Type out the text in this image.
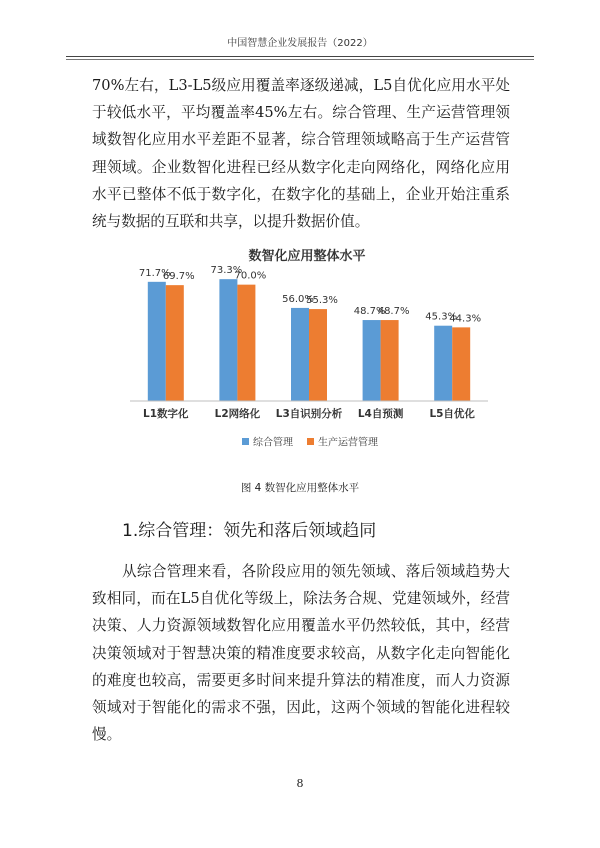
中国智慧企业发展报告（2022）

70%左右，L3-L5级应用覆盖率逐级递减，L5自优化应用水平处于较低水平，平均覆盖率45%左右。综合管理、生产运营管理领域数智化应用水平差距不显著，综合管理领域略高于生产运营管理领域。企业数智化进程已经从数字化走向网络化，网络化应用水平已整体不低于数字化，在数字化的基础上，企业开始注重系统与数据的互联和共享，以提升数据价值。

数智化应用整体水平
71.7%
69.7%
L1数字化
73.3%
70.0%
L2网络化
56.0%
55.3%
L3自识别分析
48.7%
48.7%
L4自预测
45.3%
44.3%
L5自优化
综合管理	生产运营管理
图 4 数智化应用整体水平
1.综合管理：领先和落后领域趋同

从综合管理来看，各阶段应用的领先领域、落后领域趋势大致相同，而在L5自优化等级上，除法务合规、党建领域外，经营决策、人力资源领域数智化应用覆盖水平仍然较低，其中，经营决策领域对于智慧决策的精准度要求较高，从数字化走向智能化的难度也较高，需要更多时间来提升算法的精准度，而人力资源领域对于智能化的需求不强，因此，这两个领域的智能化进程较慢。

8
